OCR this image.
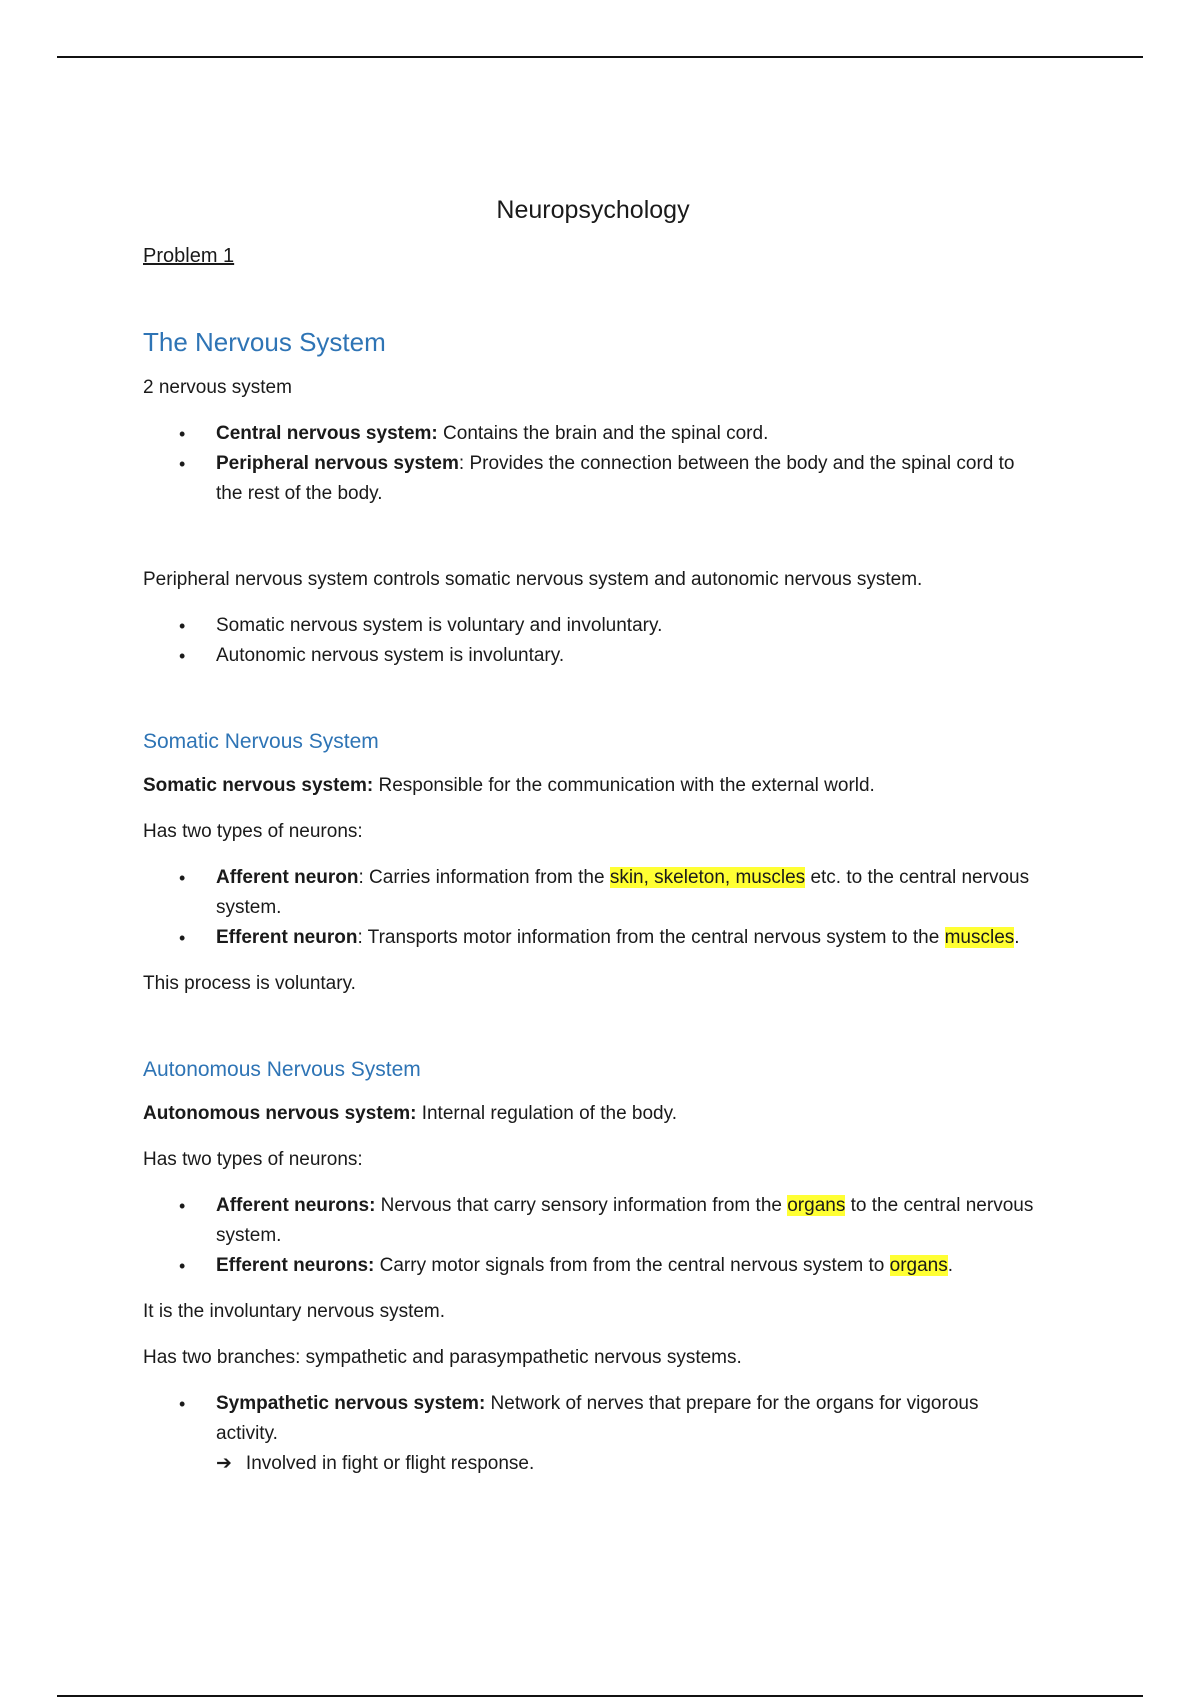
Neuropsychology
Problem 1
The Nervous System

2 nervous system

• Central nervous system: Contains the brain and the spinal cord.
• Peripheral nervous system: Provides the connection between the body and the spinal cord to the rest of the body.

Peripheral nervous system controls somatic nervous system and autonomic nervous system.

• Somatic nervous system is voluntary and involuntary.
• Autonomic nervous system is involuntary.
Somatic Nervous System

Somatic nervous system: Responsible for the communication with the external world.

Has two types of neurons:

• Afferent neuron: Carries information from the skin, skeleton, muscles etc. to the central nervous system.
• Efferent neuron: Transports motor information from the central nervous system to the muscles.

This process is voluntary.

Autonomous Nervous System

Autonomous nervous system: Internal regulation of the body.

Has two types of neurons:

• Afferent neurons: Nervous that carry sensory information from the organs to the central nervous system.
• Efferent neurons: Carry motor signals from from the central nervous system to organs.

It is the involuntary nervous system.

Has two branches: sympathetic and parasympathetic nervous systems.

• Sympathetic nervous system: Network of nerves that prepare for the organs for vigorous activity.
➔ Involved in fight or flight response.
